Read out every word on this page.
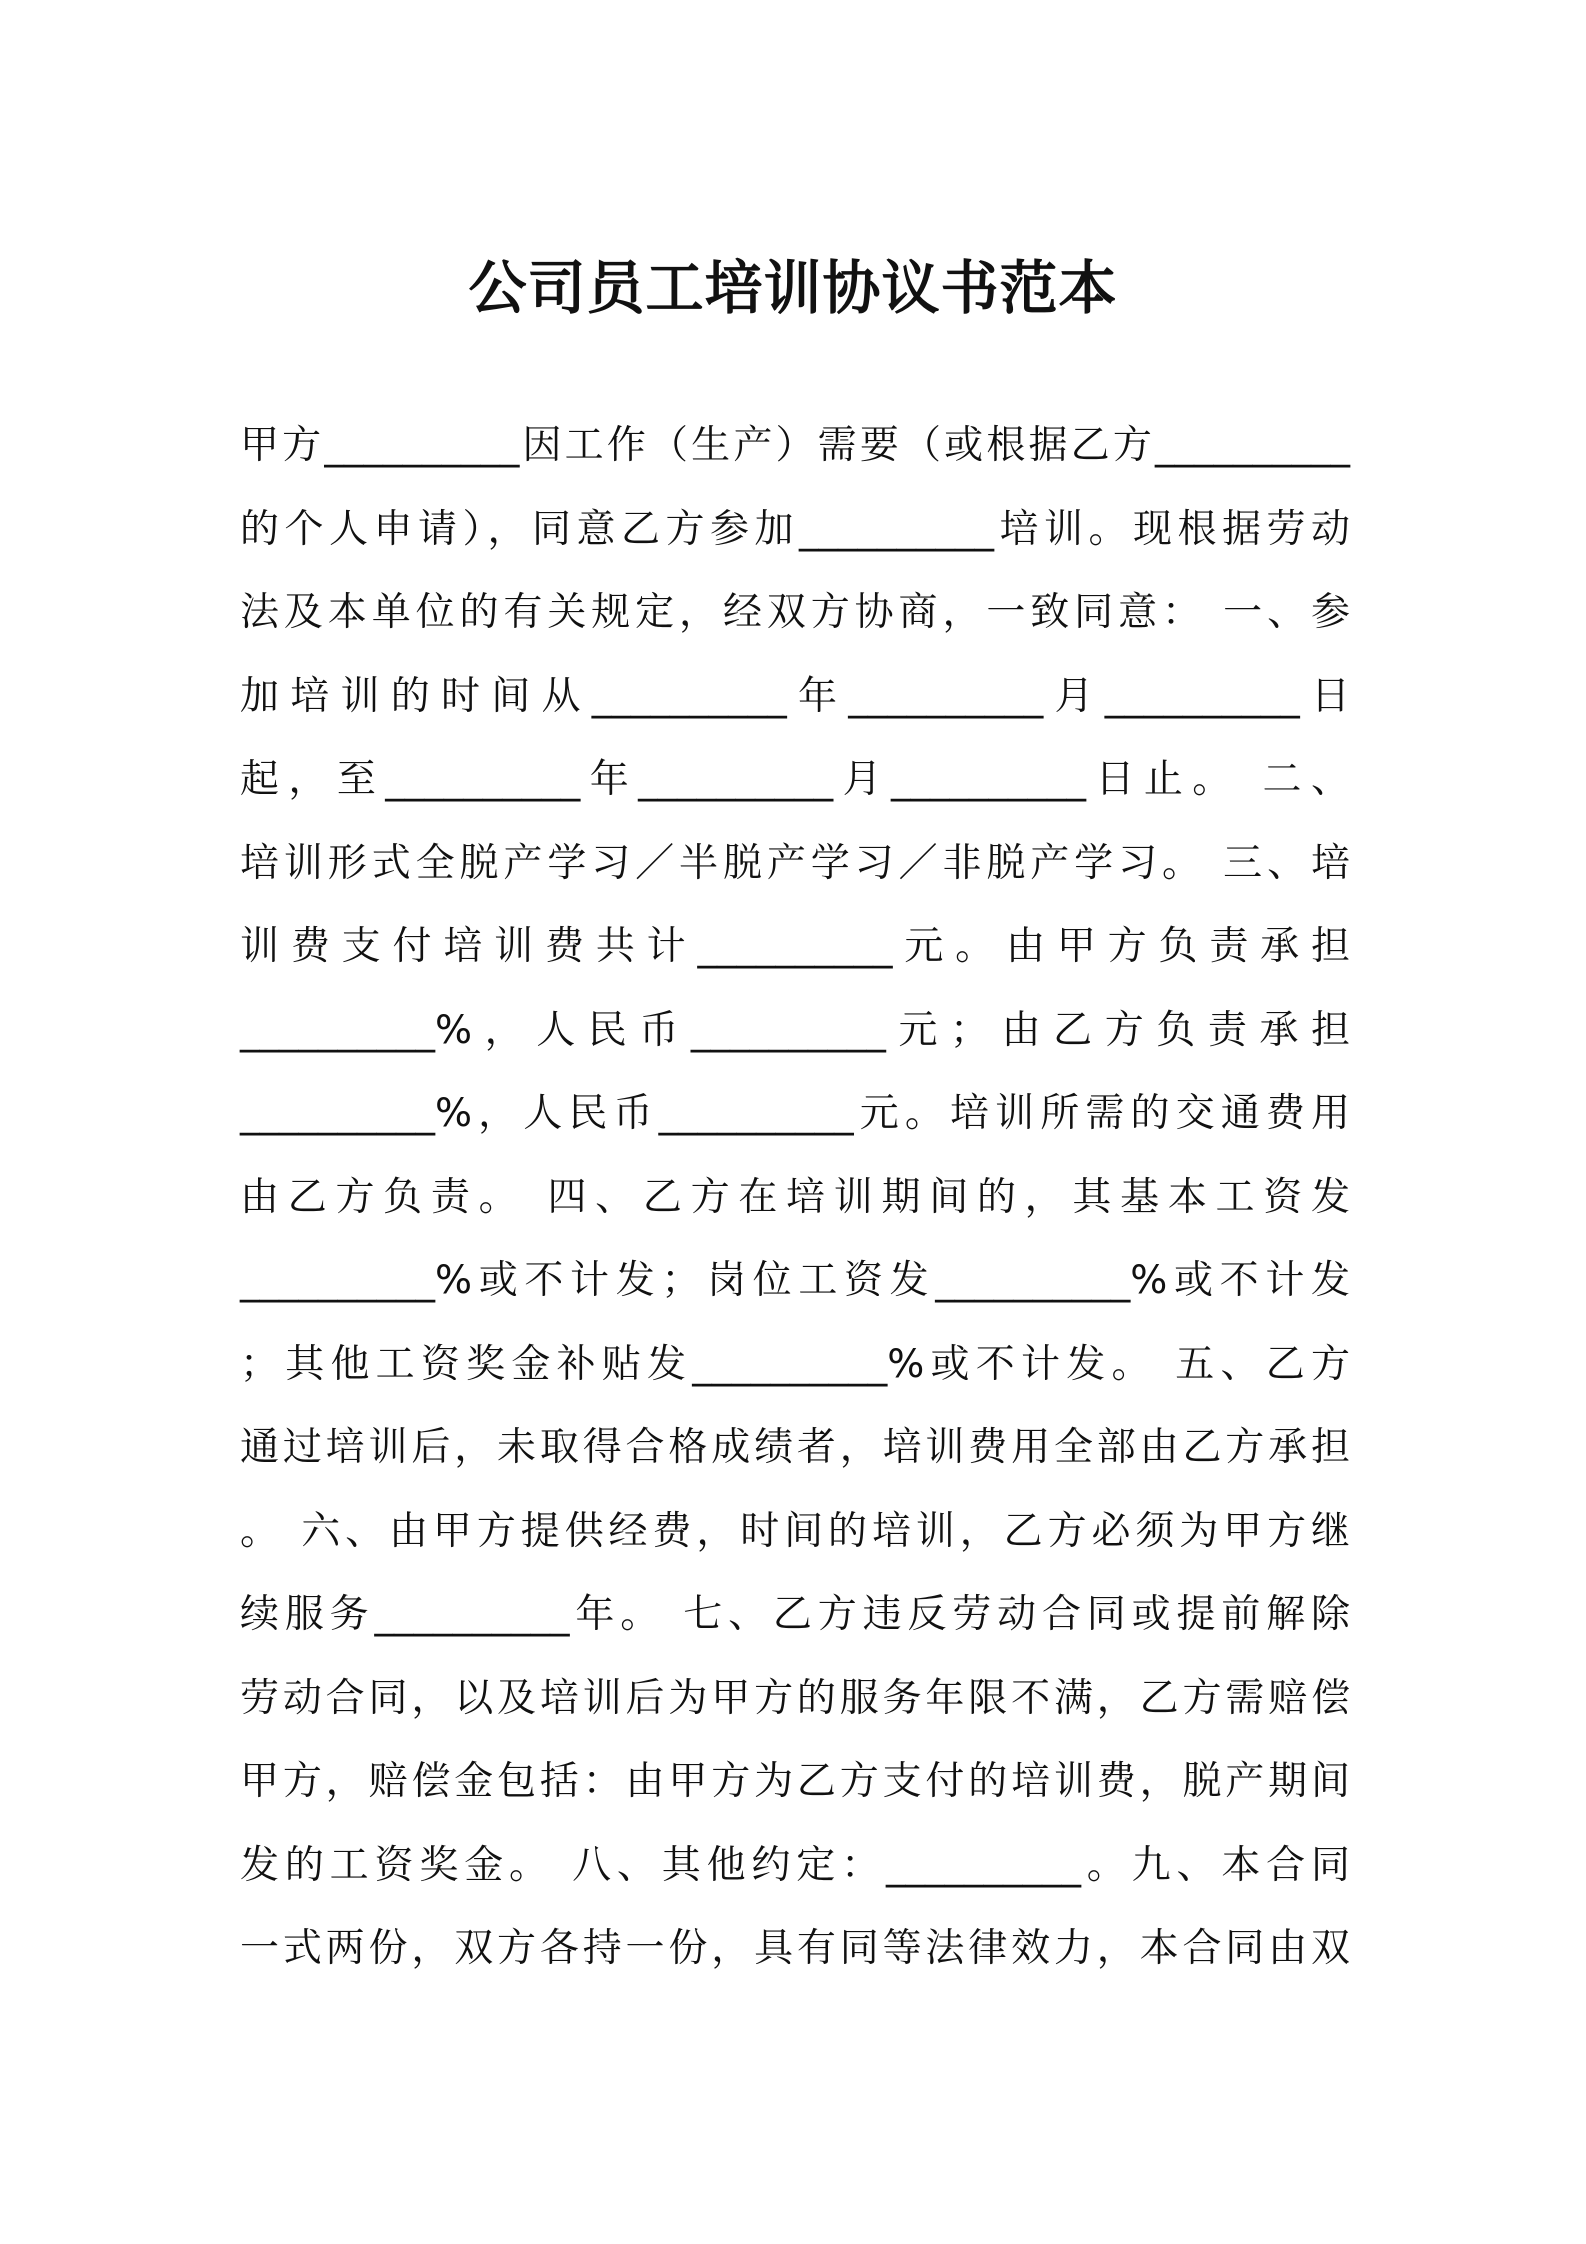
公司员工培训协议书范本
甲方__________因工作（生产）需要（或根据乙方__________
的个人申请），同意乙方参加__________培训。现根据劳动
法及本单位的有关规定，经双方协商，一致同意： 一、参
加培训的时间从__________年__________月__________日
起，至__________年__________月__________日止。 二、
培训形式全脱产学习／半脱产学习／非脱产学习。 三、培
训费支付培训费共计__________元。由甲方负责承担
__________%，人民币__________元；由乙方负责承担
__________%，人民币__________元。培训所需的交通费用
由乙方负责。 四、乙方在培训期间的，其基本工资发
__________%或不计发；岗位工资发__________%或不计发
；其他工资奖金补贴发__________%或不计发。 五、乙方
通过培训后，未取得合格成绩者，培训费用全部由乙方承担
。 六、由甲方提供经费，时间的培训，乙方必须为甲方继
续服务__________年。 七、乙方违反劳动合同或提前解除
劳动合同，以及培训后为甲方的服务年限不满，乙方需赔偿
甲方，赔偿金包括：由甲方为乙方支付的培训费，脱产期间
发的工资奖金。 八、其他约定：__________。九、本合同
一式两份，双方各持一份，具有同等法律效力，本合同由双
